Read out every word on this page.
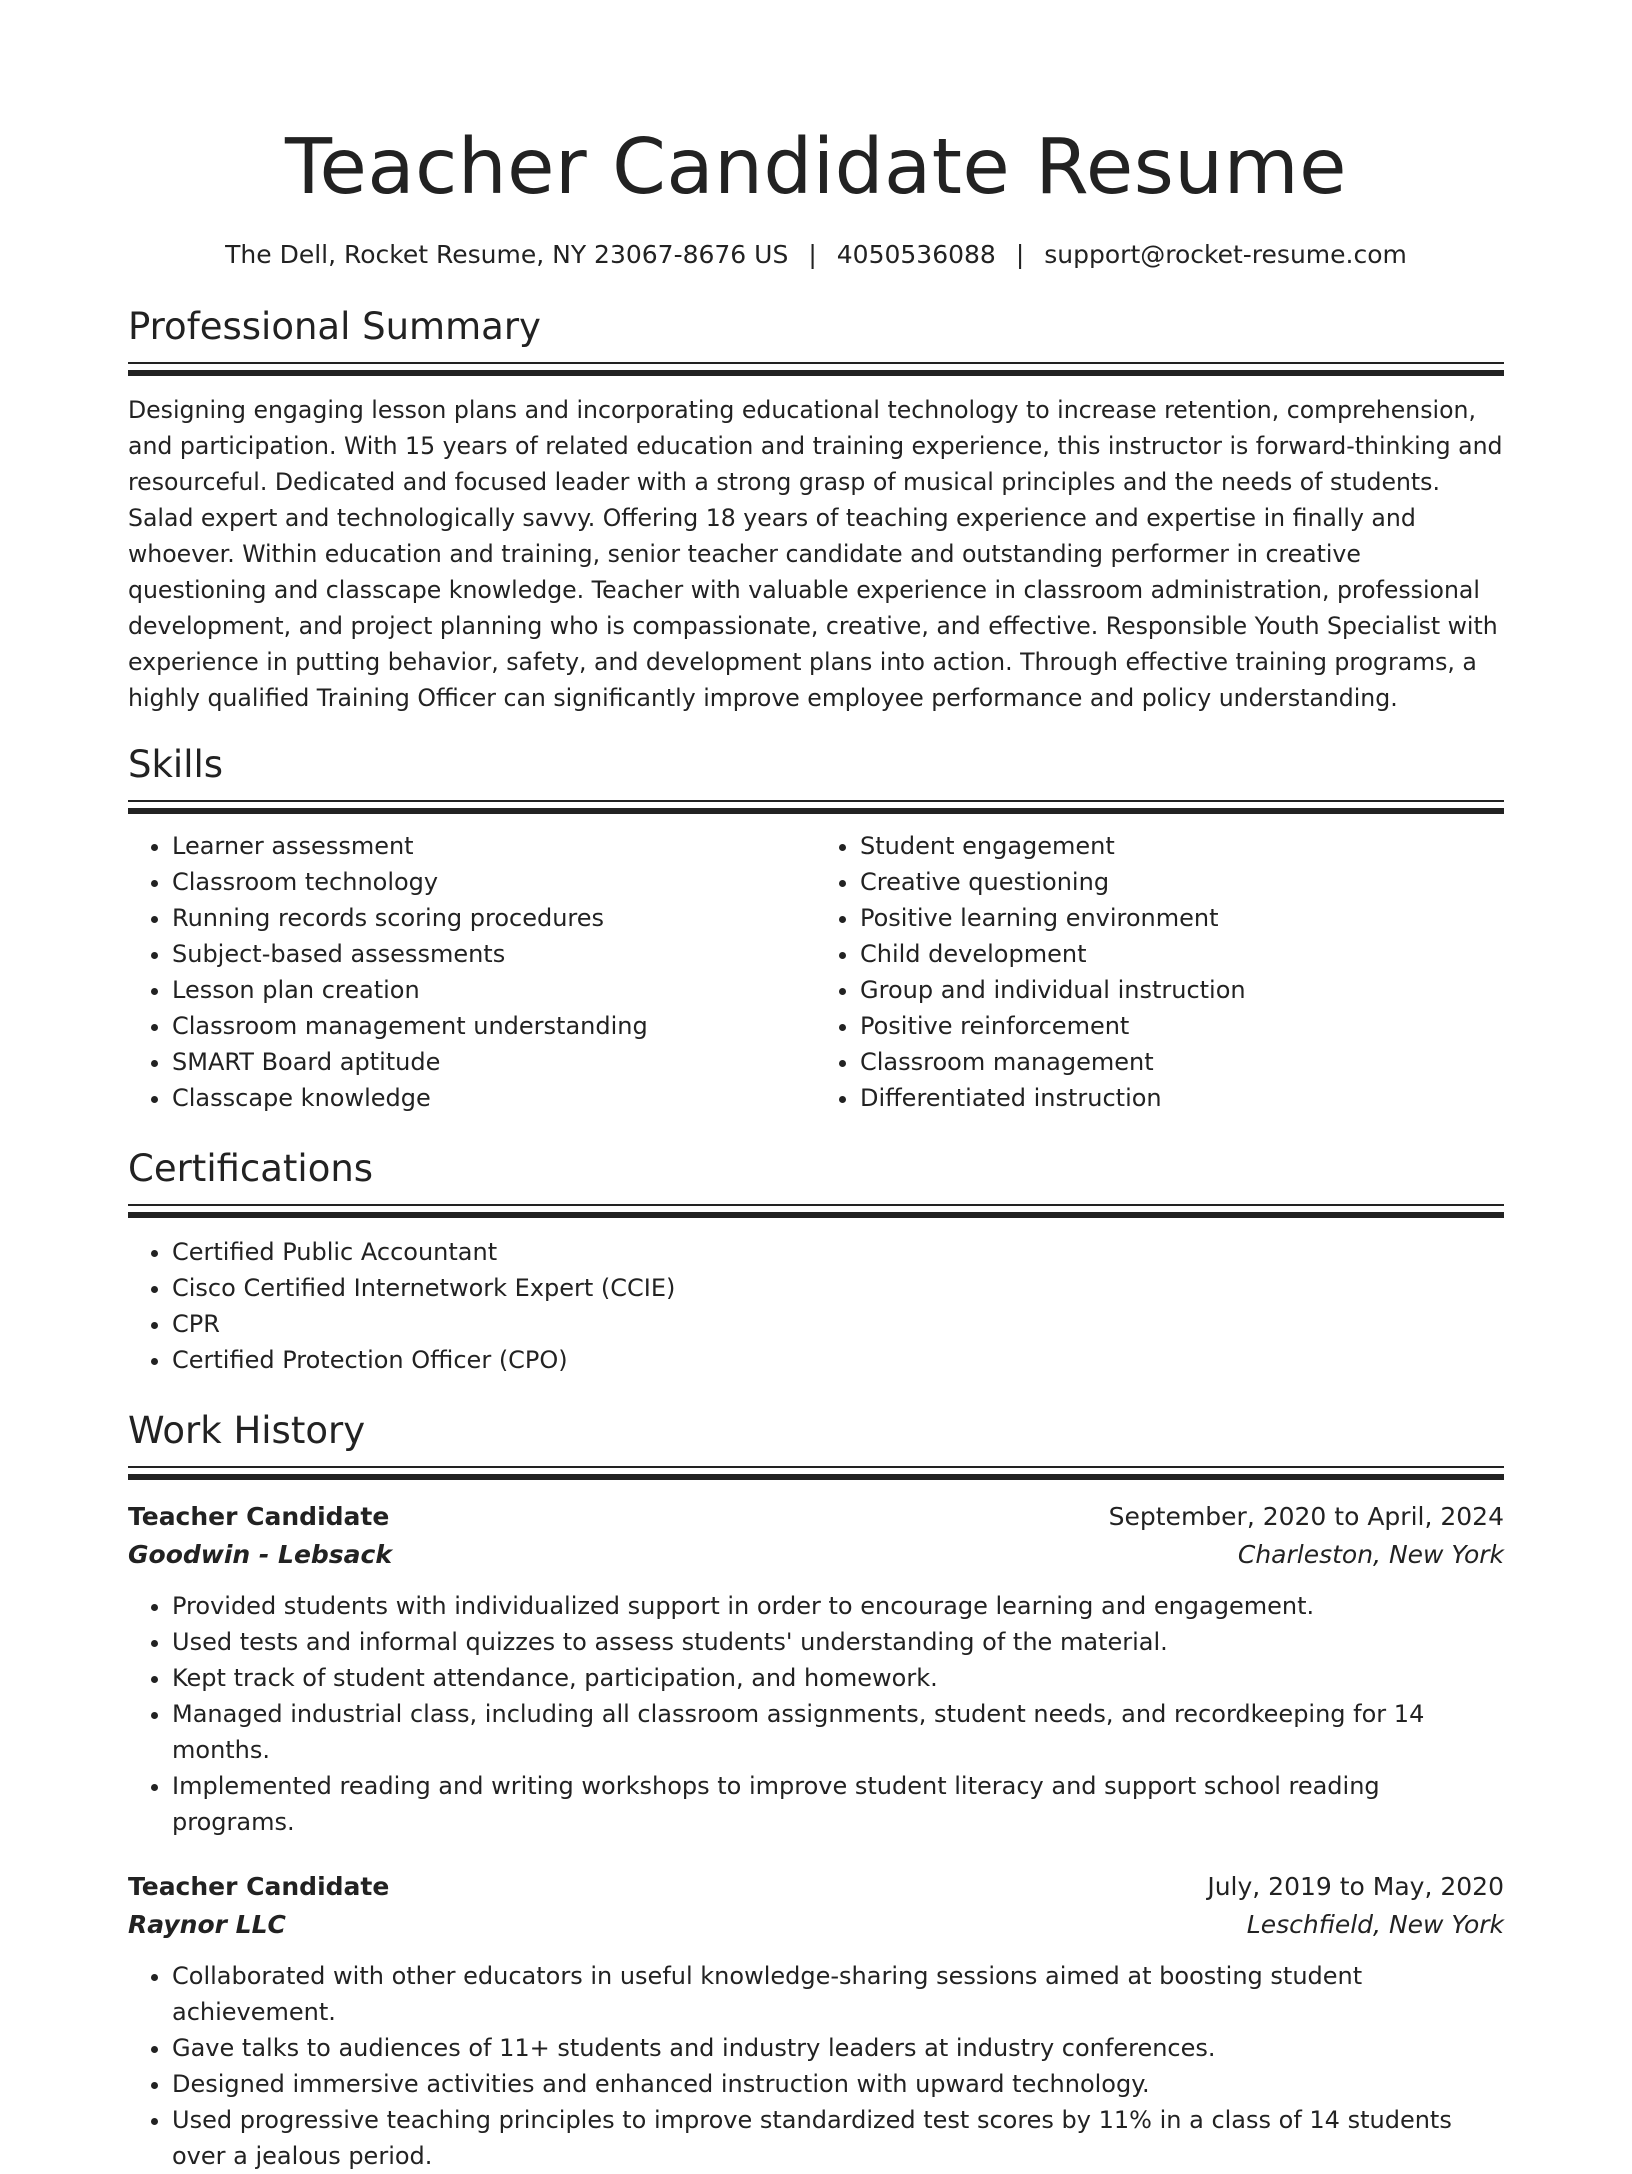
Teacher Candidate Resume
The Dell, Rocket Resume, NY 23067-8676 US | 4050536088 | support@rocket-resume.com
Professional Summary

Designing engaging lesson plans and incorporating educational technology to increase retention, comprehension, and participation. With 15 years of related education and training experience, this instructor is forward-thinking and resourceful. Dedicated and focused leader with a strong grasp of musical principles and the needs of students. Salad expert and technologically savvy. Offering 18 years of teaching experience and expertise in finally and whoever. Within education and training, senior teacher candidate and outstanding performer in creative questioning and classcape knowledge. Teacher with valuable experience in classroom administration, professional development, and project planning who is compassionate, creative, and effective. Responsible Youth Specialist with experience in putting behavior, safety, and development plans into action. Through effective training programs, a highly qualified Training Officer can significantly improve employee performance and policy understanding.

Skills
• Learner assessment
• Classroom technology
• Running records scoring procedures
• Subject-based assessments
• Lesson plan creation
• Classroom management understanding
• SMART Board aptitude
• Classcape knowledge
• Student engagement
• Creative questioning
• Positive learning environment
• Child development
• Group and individual instruction
• Positive reinforcement
• Classroom management
• Differentiated instruction
Certifications
• Certified Public Accountant
• Cisco Certified Internetwork Expert (CCIE)
• CPR
• Certified Protection Officer (CPO)
Work History
Teacher Candidate	September, 2020 to April, 2024
Goodwin - Lebsack	Charleston, New York
• Provided students with individualized support in order to encourage learning and engagement.
• Used tests and informal quizzes to assess students' understanding of the material.
• Kept track of student attendance, participation, and homework.
• Managed industrial class, including all classroom assignments, student needs, and recordkeeping for 14 months.
• Implemented reading and writing workshops to improve student literacy and support school reading programs.
Teacher Candidate	July, 2019 to May, 2020
Raynor LLC	Leschfield, New York
• Collaborated with other educators in useful knowledge-sharing sessions aimed at boosting student achievement.
• Gave talks to audiences of 11+ students and industry leaders at industry conferences.
• Designed immersive activities and enhanced instruction with upward technology.
• Used progressive teaching principles to improve standardized test scores by 11% in a class of 14 students over a jealous period.
